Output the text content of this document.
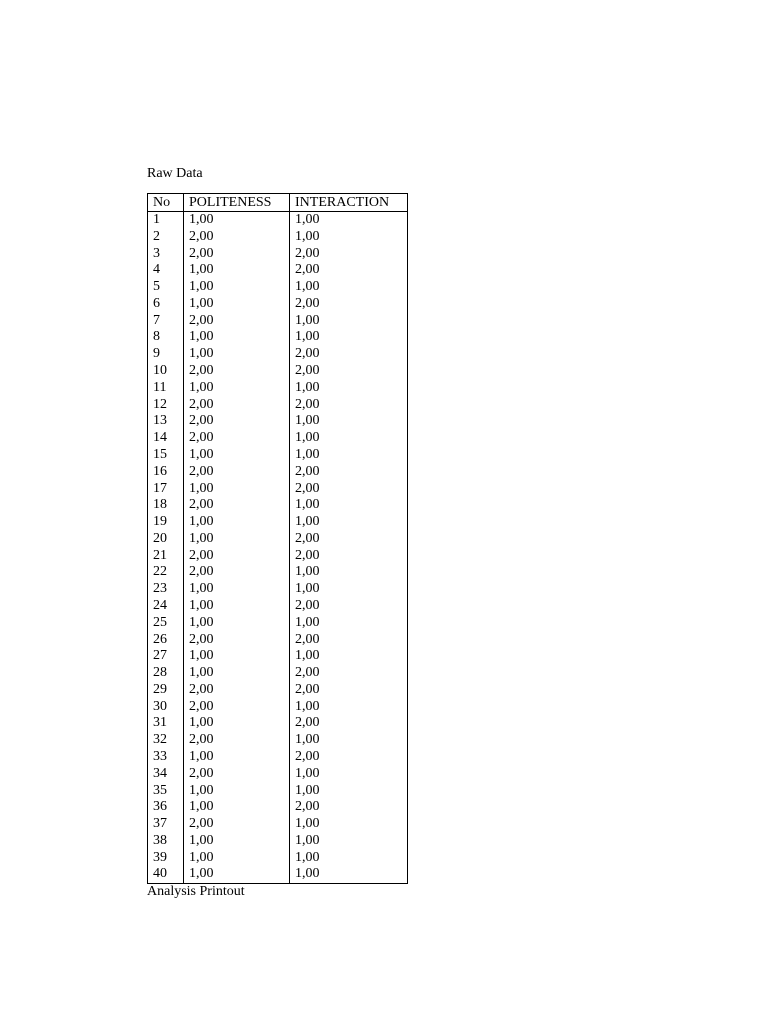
Raw Data
No	POLITENESS	INTERACTION
1	1,00	1,00
2	2,00	1,00
3	2,00	2,00
4	1,00	2,00
5	1,00	1,00
6	1,00	2,00
7	2,00	1,00
8	1,00	1,00
9	1,00	2,00
10	2,00	2,00
11	1,00	1,00
12	2,00	2,00
13	2,00	1,00
14	2,00	1,00
15	1,00	1,00
16	2,00	2,00
17	1,00	2,00
18	2,00	1,00
19	1,00	1,00
20	1,00	2,00
21	2,00	2,00
22	2,00	1,00
23	1,00	1,00
24	1,00	2,00
25	1,00	1,00
26	2,00	2,00
27	1,00	1,00
28	1,00	2,00
29	2,00	2,00
30	2,00	1,00
31	1,00	2,00
32	2,00	1,00
33	1,00	2,00
34	2,00	1,00
35	1,00	1,00
36	1,00	2,00
37	2,00	1,00
38	1,00	1,00
39	1,00	1,00
40	1,00	1,00
Analysis Printout
